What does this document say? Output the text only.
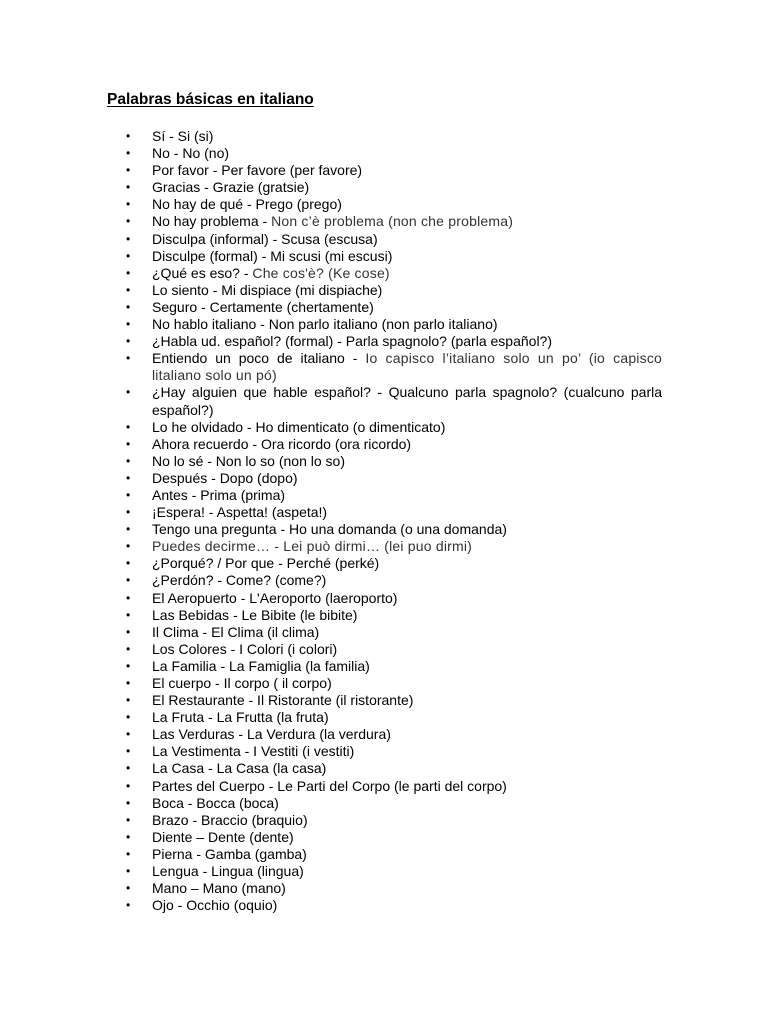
Palabras básicas en italiano
• Sí - Si (si)
• No - No (no)
• Por favor - Per favore (per favore)
• Gracias - Grazie (gratsie)
• No hay de qué - Prego (prego)
• No hay problema - Non c’è problema (non che problema)
• Disculpa (informal) - Scusa (escusa)
• Disculpe (formal) - Mi scusi (mi escusi)
• ¿Qué es eso? - Che cos'è? (Ke cose)
• Lo siento - Mi dispiace (mi dispiache)
• Seguro - Certamente (chertamente)
• No hablo italiano - Non parlo italiano (non parlo italiano)
• ¿Habla ud. español? (formal) - Parla spagnolo? (parla español?)
• Entiendo un poco de italiano - Io capisco l’italiano solo un po’ (io capisco litaliano solo un pó)
• ¿Hay alguien que hable español? - Qualcuno parla spagnolo? (cualcuno parla español?)
• Lo he olvidado - Ho dimenticato (o dimenticato)
• Ahora recuerdo - Ora ricordo (ora ricordo)
• No lo sé - Non lo so (non lo so)
• Después - Dopo (dopo)
• Antes - Prima (prima)
• ¡Espera! - Aspetta! (aspeta!)
• Tengo una pregunta - Ho una domanda (o una domanda)
• Puedes decirme… - Lei può dirmi… (lei puo dirmi)
• ¿Porqué? / Por que - Perché (perké)
• ¿Perdón? - Come? (come?)
• El Aeropuerto - L'Aeroporto (laeroporto)
• Las Bebidas - Le Bibite (le bibite)
• Il Clima - El Clima (il clima)
• Los Colores - I Colori (i colori)
• La Familia - La Famiglia (la familia)
• El cuerpo - Il corpo ( il corpo)
• El Restaurante - Il Ristorante (il ristorante)
• La Fruta - La Frutta (la fruta)
• Las Verduras - La Verdura (la verdura)
• La Vestimenta - I Vestiti (i vestiti)
• La Casa - La Casa (la casa)
• Partes del Cuerpo - Le Parti del Corpo (le parti del corpo)
• Boca - Bocca (boca)
• Brazo - Braccio (braquio)
• Diente – Dente (dente)
• Pierna - Gamba (gamba)
• Lengua - Lingua (lingua)
• Mano – Mano (mano)
• Ojo - Occhio (oquio)
